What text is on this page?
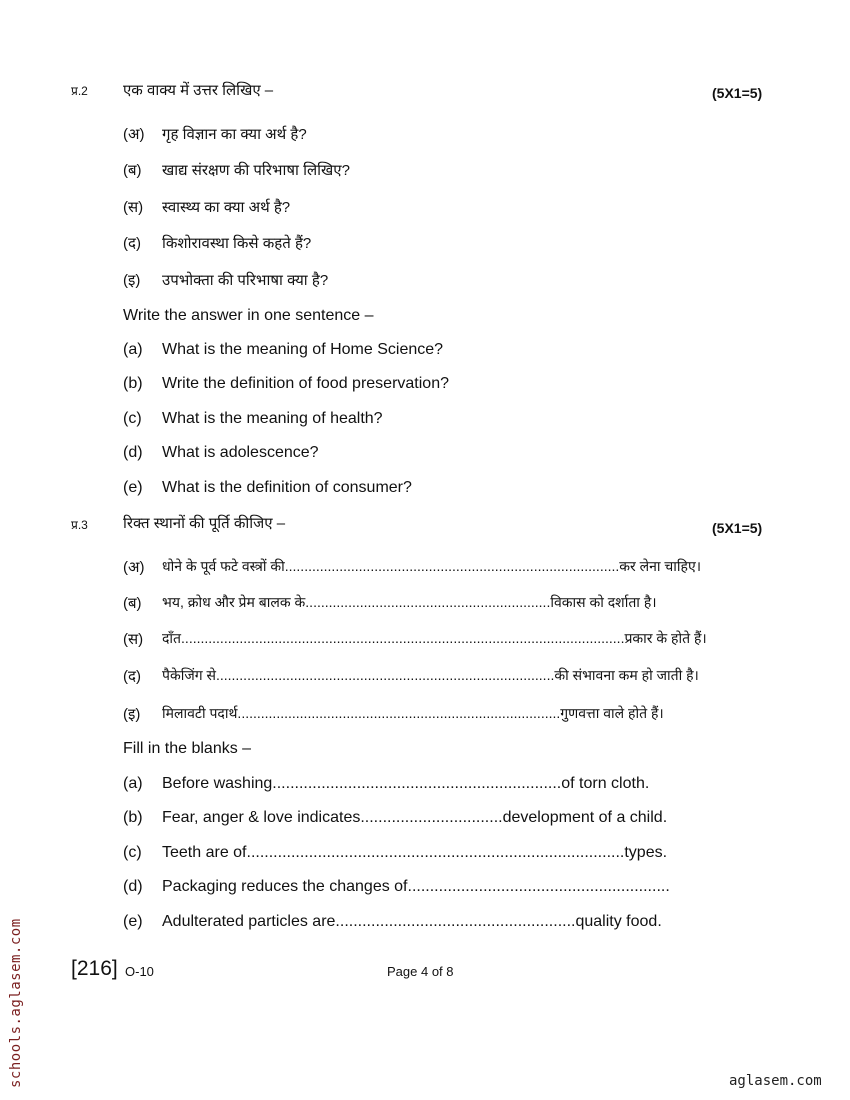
प्र.2 एक वाक्य में उत्तर लिखिए –	(5X1=5)
(अ) गृह विज्ञान का क्या अर्थ है?
(ब) खाद्य संरक्षण की परिभाषा लिखिए?
(स) स्वास्थ्य का क्या अर्थ है?
(द) किशोरावस्था किसे कहते हैं?
(इ) उपभोक्ता की परिभाषा क्या है?
Write the answer in one sentence –
(a) What is the meaning of Home Science?
(b) Write the definition of food preservation?
(c) What is the meaning of health?
(d) What is adolescence?
(e) What is the definition of consumer?
प्र.3 रिक्त स्थानों की पूर्ति कीजिए –	(5X1=5)
(अ) धोने के पूर्व फटे वस्त्रों की......................................................................................कर लेना चाहिए।
(ब) भय, क्रोध और प्रेम बालक के...............................................................विकास को दर्शाता है।
(स) दाँत..................................................................................................................प्रकार के होते हैं।
(द) पैकेजिंग से.......................................................................................की संभावना कम हो जाती है।
(इ) मिलावटी पदार्थ...................................................................................गुणवत्ता वाले होते हैं।
Fill in the blanks –
(a) Before washing.................................................................of torn cloth.
(b) Fear, anger & love indicates................................development of a child.
(c) Teeth are of.....................................................................................types.
(d) Packaging reduces the changes of...........................................................
(e) Adulterated particles are......................................................quality food.
[216] O-10	Page 4 of 8
schools.aglasem.com	aglasem.com
